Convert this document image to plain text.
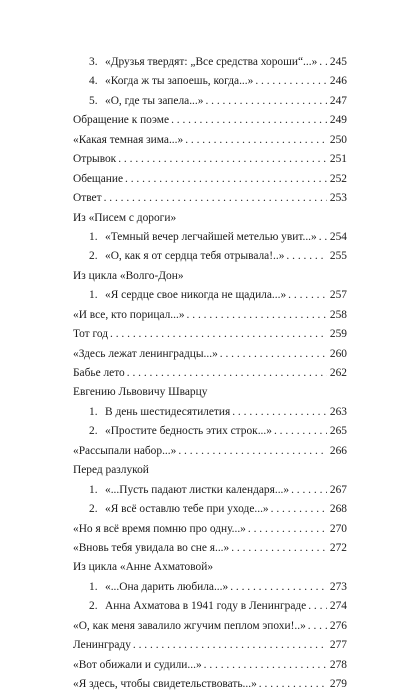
3. «Друзья твердят: „Все средства хороши“...» . . . 245
4. «Когда ж ты запоешь, когда...» . . .	246
5. «О, где ты запела...» . . .	247
Обращение к поэме . . .	249
«Какая темная зима...» . . .	250
Отрывок . . .	251
Обещание . . .	252
Ответ . . .	253
Из «Писем с дороги»
1. «Темный вечер легчайшей метелью увит...» . . . 254
2. «О, как я от сердца тебя отрывала!..» . . .	255
Из цикла «Волго-Дон»
1. «Я сердце свое никогда не щадила...» . . .	257
«И все, кто порицал...» . . .	258
Тот год . . .	259
«Здесь лежат ленинградцы...» . . .	260
Бабье лето . . .	262
Евгению Львовичу Шварцу
1. В день шестидесятилетия . . .	263
2. «Простите бедность этих строк...» . . .	265
«Рассыпали набор...» . . .	266
Перед разлукой
1. «...Пусть падают листки календаря...» . . .	267
2. «Я всё оставлю тебе при уходе...» . . .	268
«Но я всё время помню про одну...» . . .	270
«Вновь тебя увидала во сне я...» . . .	272
Из цикла «Анне Ахматовой»
1. «...Она дарить любила...» . . .	273
2. Анна Ахматова в 1941 году в Ленинграде . . . 274
«О, как меня завалило жгучим пеплом эпохи!..» . . . 276
Ленинграду . . .	277
«Вот обижали и судили...» . . .	278
«Я здесь, чтобы свидетельствовать...» . . .	279
